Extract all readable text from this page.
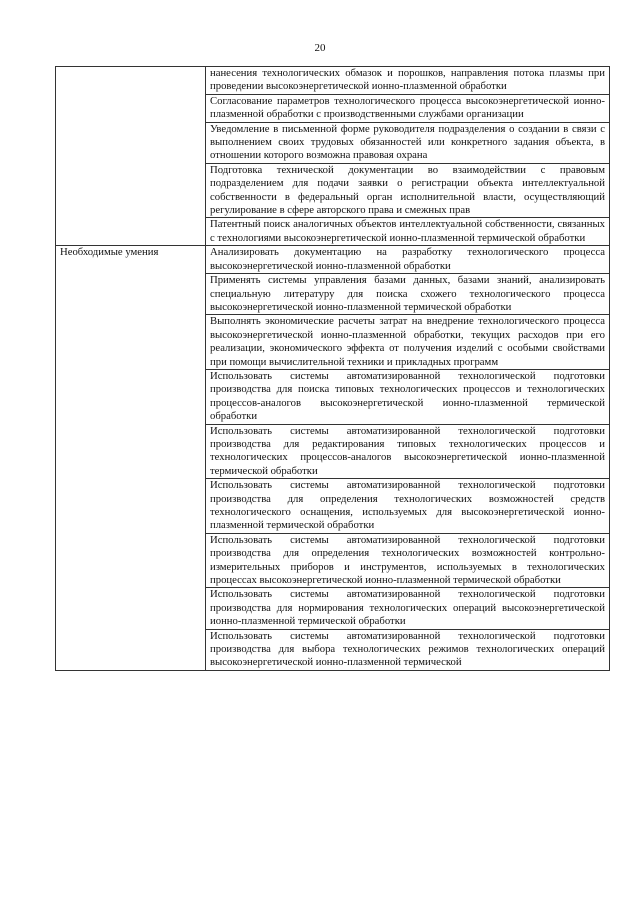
20
	нанесения технологических обмазок и порошков, направления потока плазмы при проведении высокоэнергетической ионно-плазменной обработки
	Согласование параметров технологического процесса высокоэнергетической ионно-плазменной обработки с производственными службами организации
	Уведомление в письменной форме руководителя подразделения о создании в связи с выполнением своих трудовых обязанностей или конкретного задания объекта, в отношении которого возможна правовая охрана
	Подготовка технической документации во взаимодействии с правовым подразделением для подачи заявки о регистрации объекта интеллектуальной собственности в федеральный орган исполнительной власти, осуществляющий регулирование в сфере авторского права и смежных прав
	Патентный поиск аналогичных объектов интеллектуальной собственности, связанных с технологиями высокоэнергетической ионно-плазменной термической обработки
Необходимые умения	Анализировать документацию на разработку технологического процесса высокоэнергетической ионно-плазменной обработки
	Применять системы управления базами данных, базами знаний, анализировать специальную литературу для поиска схожего технологического процесса высокоэнергетической ионно-плазменной термической обработки
	Выполнять экономические расчеты затрат на внедрение технологического процесса высокоэнергетической ионно-плазменной обработки, текущих расходов при его реализации, экономического эффекта от получения изделий с особыми свойствами при помощи вычислительной техники и прикладных программ
	Использовать системы автоматизированной технологической подготовки производства для поиска типовых технологических процессов и технологических процессов-аналогов высокоэнергетической ионно-плазменной термической обработки
	Использовать системы автоматизированной технологической подготовки производства для редактирования типовых технологических процессов и технологических процессов-аналогов высокоэнергетической ионно-плазменной термической обработки
	Использовать системы автоматизированной технологической подготовки производства для определения технологических возможностей средств технологического оснащения, используемых для высокоэнергетической ионно-плазменной термической обработки
	Использовать системы автоматизированной технологической подготовки производства для определения технологических возможностей контрольно-измерительных приборов и инструментов, используемых в технологических процессах высокоэнергетической ионно-плазменной термической обработки
	Использовать системы автоматизированной технологической подготовки производства для нормирования технологических операций высокоэнергетической ионно-плазменной термической обработки
	Использовать системы автоматизированной технологической подготовки производства для выбора технологических режимов технологических операций высокоэнергетической ионно-плазменной термической
